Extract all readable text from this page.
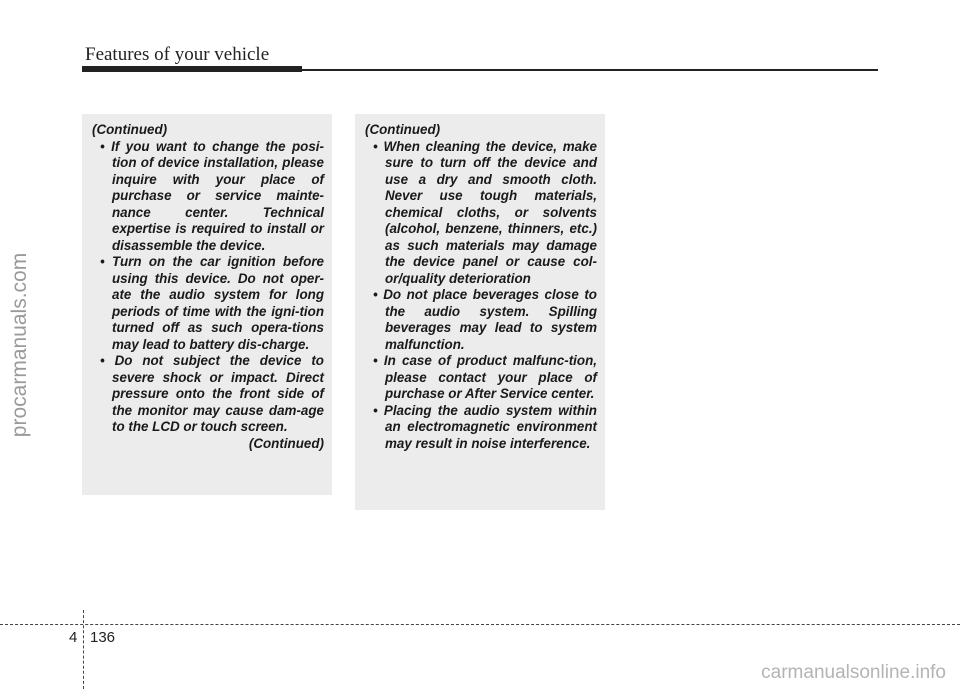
procarmanuals.com
Features of your vehicle
(Continued)
• If you want to change the posi-tion of device installation, please inquire with your place of purchase or service mainte-nance center. Technical expertise is required to install or disassemble the device.
• Turn on the car ignition before using this device. Do not oper-ate the audio system for long periods of time with the igni-tion turned off as such opera-tions may lead to battery dis-charge.
• Do not subject the device to severe shock or impact. Direct pressure onto the front side of the monitor may cause dam-age to the LCD or touch screen.
(Continued)
(Continued)
• When cleaning the device, make sure to turn off the device and use a dry and smooth cloth. Never use tough materials, chemical cloths, or solvents (alcohol, benzene, thinners, etc.) as such materials may damage the device panel or cause col-or/quality deterioration
• Do not place beverages close to the audio system. Spilling beverages may lead to system malfunction.
• In case of product malfunc-tion, please contact your place of purchase or After Service center.
• Placing the audio system within an electromagnetic environment may result in noise interference.
4 136
carmanualsonline.info
